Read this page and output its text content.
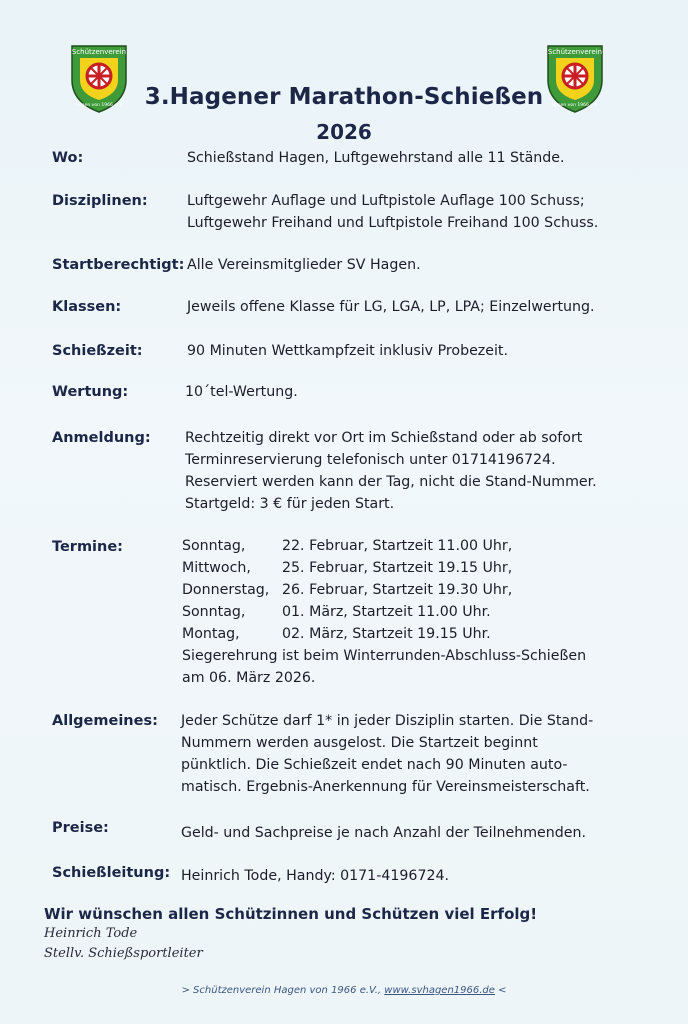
Schützenverein
Hagen von 1966 e.V.
Schützenverein
Hagen von 1966 e.V.
3.Hagener Marathon-Schießen
2026
Wo:	Schießstand Hagen, Luftgewehrstand alle 11 Stände.
Disziplinen:	Luftgewehr Auflage und Luftpistole Auflage 100 Schuss;
Luftgewehr Freihand und Luftpistole Freihand 100 Schuss.
Startberechtigt: Alle Vereinsmitglieder SV Hagen.
Klassen:	Jeweils offene Klasse für LG, LGA, LP, LPA; Einzelwertung.
Schießzeit:	90 Minuten Wettkampfzeit inklusiv Probezeit.
Wertung:	10´tel-Wertung.
Anmeldung: Rechtzeitig direkt vor Ort im Schießstand oder ab sofort
Terminreservierung telefonisch unter 01714196724.
Reserviert werden kann der Tag, nicht die Stand-Nummer.
Startgeld: 3 € für jeden Start.
Termine:	Sonntag,	22. Februar, Startzeit 11.00 Uhr,
Mittwoch, 25. Februar, Startzeit 19.15 Uhr,
Donnerstag, 26. Februar, Startzeit 19.30 Uhr,
Sonntag,	01. März, Startzeit 11.00 Uhr.
Montag,	02. März, Startzeit 19.15 Uhr.
Siegerehrung ist beim Winterrunden-Abschluss-Schießen
am 06. März 2026.
Allgemeines: Jeder Schütze darf 1* in jeder Disziplin starten. Die Stand-
Nummern werden ausgelost. Die Startzeit beginnt
pünktlich. Die Schießzeit endet nach 90 Minuten auto-
matisch. Ergebnis-Anerkennung für Vereinsmeisterschaft.
Preise:	Geld- und Sachpreise je nach Anzahl der Teilnehmenden.
Schießleitung: Heinrich Tode, Handy: 0171-4196724.
Wir wünschen allen Schützinnen und Schützen viel Erfolg!
Heinrich Tode
Stellv. Schießsportleiter
> Schützenverein Hagen von 1966 e.V., www.svhagen1966.de <
